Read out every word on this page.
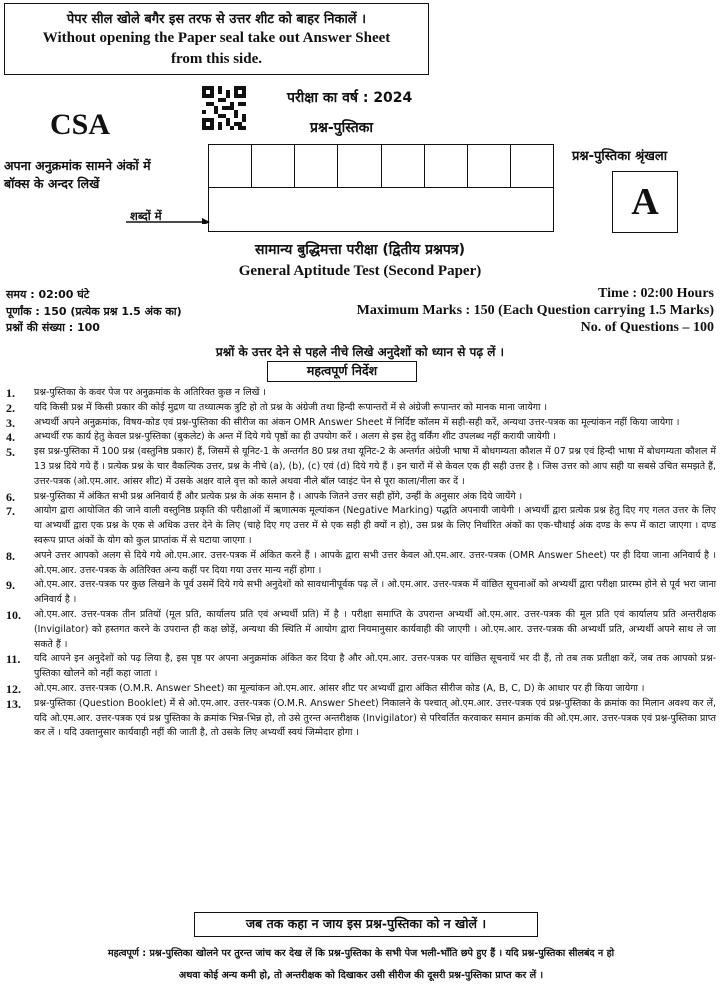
पेपर सील खोले बगैर इस तरफ से उत्तर शीट को बाहर निकालें ।
Without opening the Paper seal take out Answer Sheet
from this side.
CSA
परीक्षा का वर्ष : 2024
प्रश्न-पुस्तिका
अपना अनुक्रमांक सामने अंकों में
बॉक्स के अन्दर लिखें
शब्दों में
प्रश्न-पुस्तिका श्रृंखला
A
सामान्य बुद्धिमत्ता परीक्षा (द्वितीय प्रश्नपत्र)
General Aptitude Test (Second Paper)
समय : 02:00 घंटे
पूर्णांक : 150 (प्रत्येक प्रश्न 1.5 अंक का)
प्रश्नों की संख्या : 100
Time : 02:00 Hours
Maximum Marks : 150 (Each Question carrying 1.5 Marks)
No. of Questions – 100
प्रश्नों के उत्तर देने से पहले नीचे लिखे अनुदेशों को ध्यान से पढ़ लें ।
महत्वपूर्ण निर्देश
1.	प्रश्न-पुस्तिका के कवर पेज पर अनुक्रमांक के अतिरिक्त कुछ न लिखें ।
2.	यदि किसी प्रश्न में किसी प्रकार की कोई मुद्रण या तथ्यात्मक त्रुटि हो तो प्रश्न के अंग्रेजी तथा हिन्दी रूपान्तरों में से अंग्रेजी रूपान्तर को मानक माना जायेगा ।
3.	अभ्यर्थी अपने अनुक्रमांक, विषय-कोड एवं प्रश्न-पुस्तिका की सीरीज का अंकन OMR Answer Sheet में निर्दिष्ट कॉलम में सही-सही करें, अन्यथा उत्तर-पत्रक का मूल्यांकन नहीं किया जायेगा ।
4.	अभ्यर्थी रफ कार्य हेतु केवल प्रश्न-पुस्तिका (बुकलेट) के अन्त में दिये गये पृष्ठों का ही उपयोग करें । अलग से इस हेतु वर्किंग शीट उपलब्ध नहीं करायी जायेगी ।
5.	इस प्रश्न-पुस्तिका में 100 प्रश्न (वस्तुनिष्ठ प्रकार) हैं, जिसमें से यूनिट-1 के अन्तर्गत 80 प्रश्न तथा यूनिट-2 के अन्तर्गत अंग्रेजी भाषा में बोधगम्यता कौशल में 07 प्रश्न एवं हिन्दी भाषा में बोधगम्यता कौशल में 13 प्रश्न दिये गये हैं । प्रत्येक प्रश्न के चार वैकल्पिक उत्तर, प्रश्न के नीचे (a), (b), (c) एवं (d) दिये गये हैं । इन चारों में से केवल एक ही सही उत्तर है । जिस उत्तर को आप सही या सबसे उचित समझते हैं, उत्तर-पत्रक (ओ.एम.आर. आंसर शीट) में उसके अक्षर वाले वृत्त को काले अथवा नीले बॉल प्वाइंट पेन से पूरा काला/नीला कर दें ।
6.	प्रश्न-पुस्तिका में अंकित सभी प्रश्न अनिवार्य हैं और प्रत्येक प्रश्न के अंक समान है । आपके जितने उत्तर सही होंगे, उन्हीं के अनुसार अंक दिये जायेंगे ।
7.	आयोग द्वारा आयोजित की जाने वाली वस्तुनिष्ठ प्रकृति की परीक्षाओं में ऋणात्मक मूल्यांकन (Negative Marking) पद्धति अपनायी जायेगी । अभ्यर्थी द्वारा प्रत्येक प्रश्न हेतु दिए गए गलत उत्तर के लिए या अभ्यर्थी द्वारा एक प्रश्न के एक से अधिक उत्तर देने के लिए (चाहे दिए गए उत्तर में से एक सही ही क्यों न हो), उस प्रश्न के लिए निर्धारित अंकों का एक-चौथाई अंक दण्ड के रूप में काटा जाएगा । दण्ड स्वरूप प्राप्त अंकों के योग को कुल प्राप्तांक में से घटाया जाएगा ।
8.	अपने उत्तर आपको अलग से दिये गये ओ.एम.आर. उत्तर-पत्रक में अंकित करने हैं । आपके द्वारा सभी उत्तर केवल ओ.एम.आर. उत्तर-पत्रक (OMR Answer Sheet) पर ही दिया जाना अनिवार्य है । ओ.एम.आर. उत्तर-पत्रक के अतिरिक्त अन्य कहीं पर दिया गया उत्तर मान्य नहीं होगा ।
9.	ओ.एम.आर. उत्तर-पत्रक पर कुछ लिखने के पूर्व उसमें दिये गये सभी अनुदेशों को सावधानीपूर्वक पढ़ लें । ओ.एम.आर. उत्तर-पत्रक में वांछित सूचनाओं को अभ्यर्थी द्वारा परीक्षा प्रारम्भ होने से पूर्व भरा जाना अनिवार्य है ।
10.	ओ.एम.आर. उत्तर-पत्रक तीन प्रतियों (मूल प्रति, कार्यालय प्रति एवं अभ्यर्थी प्रति) में है । परीक्षा समाप्ति के उपरान्त अभ्यर्थी ओ.एम.आर. उत्तर-पत्रक की मूल प्रति एवं कार्यालय प्रति अन्तरीक्षक (Invigilator) को हस्तगत करने के उपरान्त ही कक्ष छोड़ें, अन्यथा की स्थिति में आयोग द्वारा नियमानुसार कार्यवाही की जाएगी । ओ.एम.आर. उत्तर-पत्रक की अभ्यर्थी प्रति, अभ्यर्थी अपने साथ ले जा सकते हैं ।
11.	यदि आपने इन अनुदेशों को पढ़ लिया है, इस पृष्ठ पर अपना अनुक्रमांक अंकित कर दिया है और ओ.एम.आर. उत्तर-पत्रक पर वांछित सूचनायें भर दी हैं, तो तब तक प्रतीक्षा करें, जब तक आपको प्रश्न-पुस्तिका खोलने को नहीं कहा जाता ।
12.	ओ.एम.आर. उत्तर-पत्रक (O.M.R. Answer Sheet) का मूल्यांकन ओ.एम.आर. आंसर शीट पर अभ्यर्थी द्वारा अंकित सीरीज कोड (A, B, C, D) के आधार पर ही किया जायेगा ।
13.	प्रश्न-पुस्तिका (Question Booklet) में से ओ.एम.आर. उत्तर-पत्रक (O.M.R. Answer Sheet) निकालने के पश्चात् ओ.एम.आर. उत्तर-पत्रक एवं प्रश्न-पुस्तिका के क्रमांक का मिलान अवश्य कर लें, यदि ओ.एम.आर. उत्तर-पत्रक एवं प्रश्न पुस्तिका के क्रमांक भिन्न-भिन्न हो, तो उसे तुरन्त अन्तरीक्षक (Invigilator) से परिवर्तित करवाकर समान क्रमांक की ओ.एम.आर. उत्तर-पत्रक एवं प्रश्न-पुस्तिका प्राप्त कर लें । यदि उक्तानुसार कार्यवाही नहीं की जाती है, तो उसके लिए अभ्यर्थी स्वयं जिम्मेदार होगा ।
जब तक कहा न जाय इस प्रश्न-पुस्तिका को न खोलें ।
महत्वपूर्ण : प्रश्न-पुस्तिका खोलने पर तुरन्त जांच कर देख लें कि प्रश्न-पुस्तिका के सभी पेज भली-भाँति छपे हुए हैं । यदि प्रश्न-पुस्तिका सीलबंद न हो
अथवा कोई अन्य कमी हो, तो अन्तरीक्षक को दिखाकर उसी सीरीज की दूसरी प्रश्न-पुस्तिका प्राप्त कर लें ।
